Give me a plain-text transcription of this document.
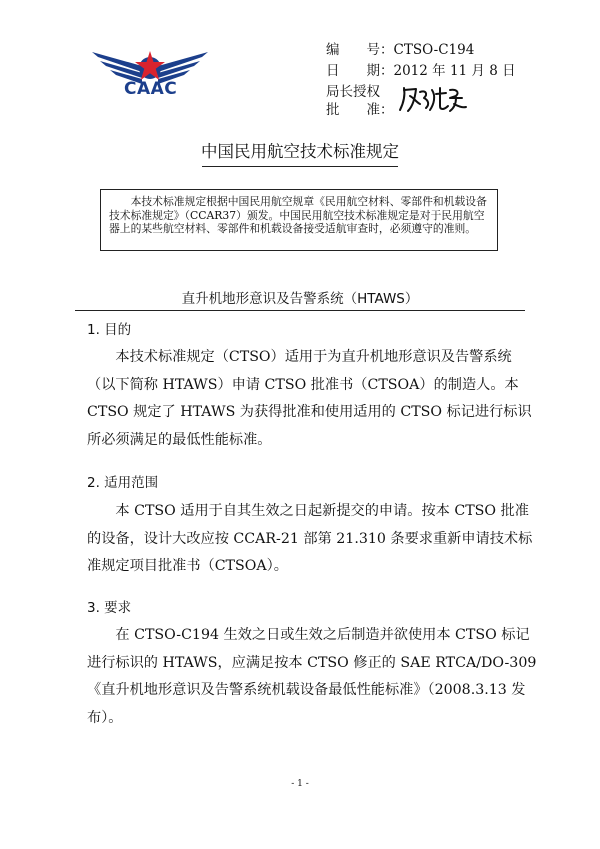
CAAC
编　　号：CTSO-C194
日　　期：2012 年 11 月 8 日
局长授权
批　　准：
中国民用航空技术标准规定

本技术标准规定根据中国民用航空规章《民用航空材料、零部件和机载设备技术标准规定》（CCAR37）颁发。中国民用航空技术标准规定是对于民用航空器上的某些航空材料、零部件和机载设备接受适航审查时，必须遵守的准则。

直升机地形意识及告警系统（HTAWS）
1. 目的
本技术标准规定（CTSO）适用于为直升机地形意识及告警系统
（以下简称 HTAWS）申请 CTSO 批准书（CTSOA）的制造人。本
CTSO 规定了 HTAWS 为获得批准和使用适用的 CTSO 标记进行标识
所必须满足的最低性能标准。
2. 适用范围
本 CTSO 适用于自其生效之日起新提交的申请。按本 CTSO 批准
的设备，设计大改应按 CCAR-21 部第 21.310 条要求重新申请技术标
准规定项目批准书（CTSOA）。
3. 要求
在 CTSO-C194 生效之日或生效之后制造并欲使用本 CTSO 标记
进行标识的 HTAWS，应满足按本 CTSO 修正的 SAE RTCA/DO-309
《直升机地形意识及告警系统机载设备最低性能标准》（2008.3.13 发
布）。
- 1 -
